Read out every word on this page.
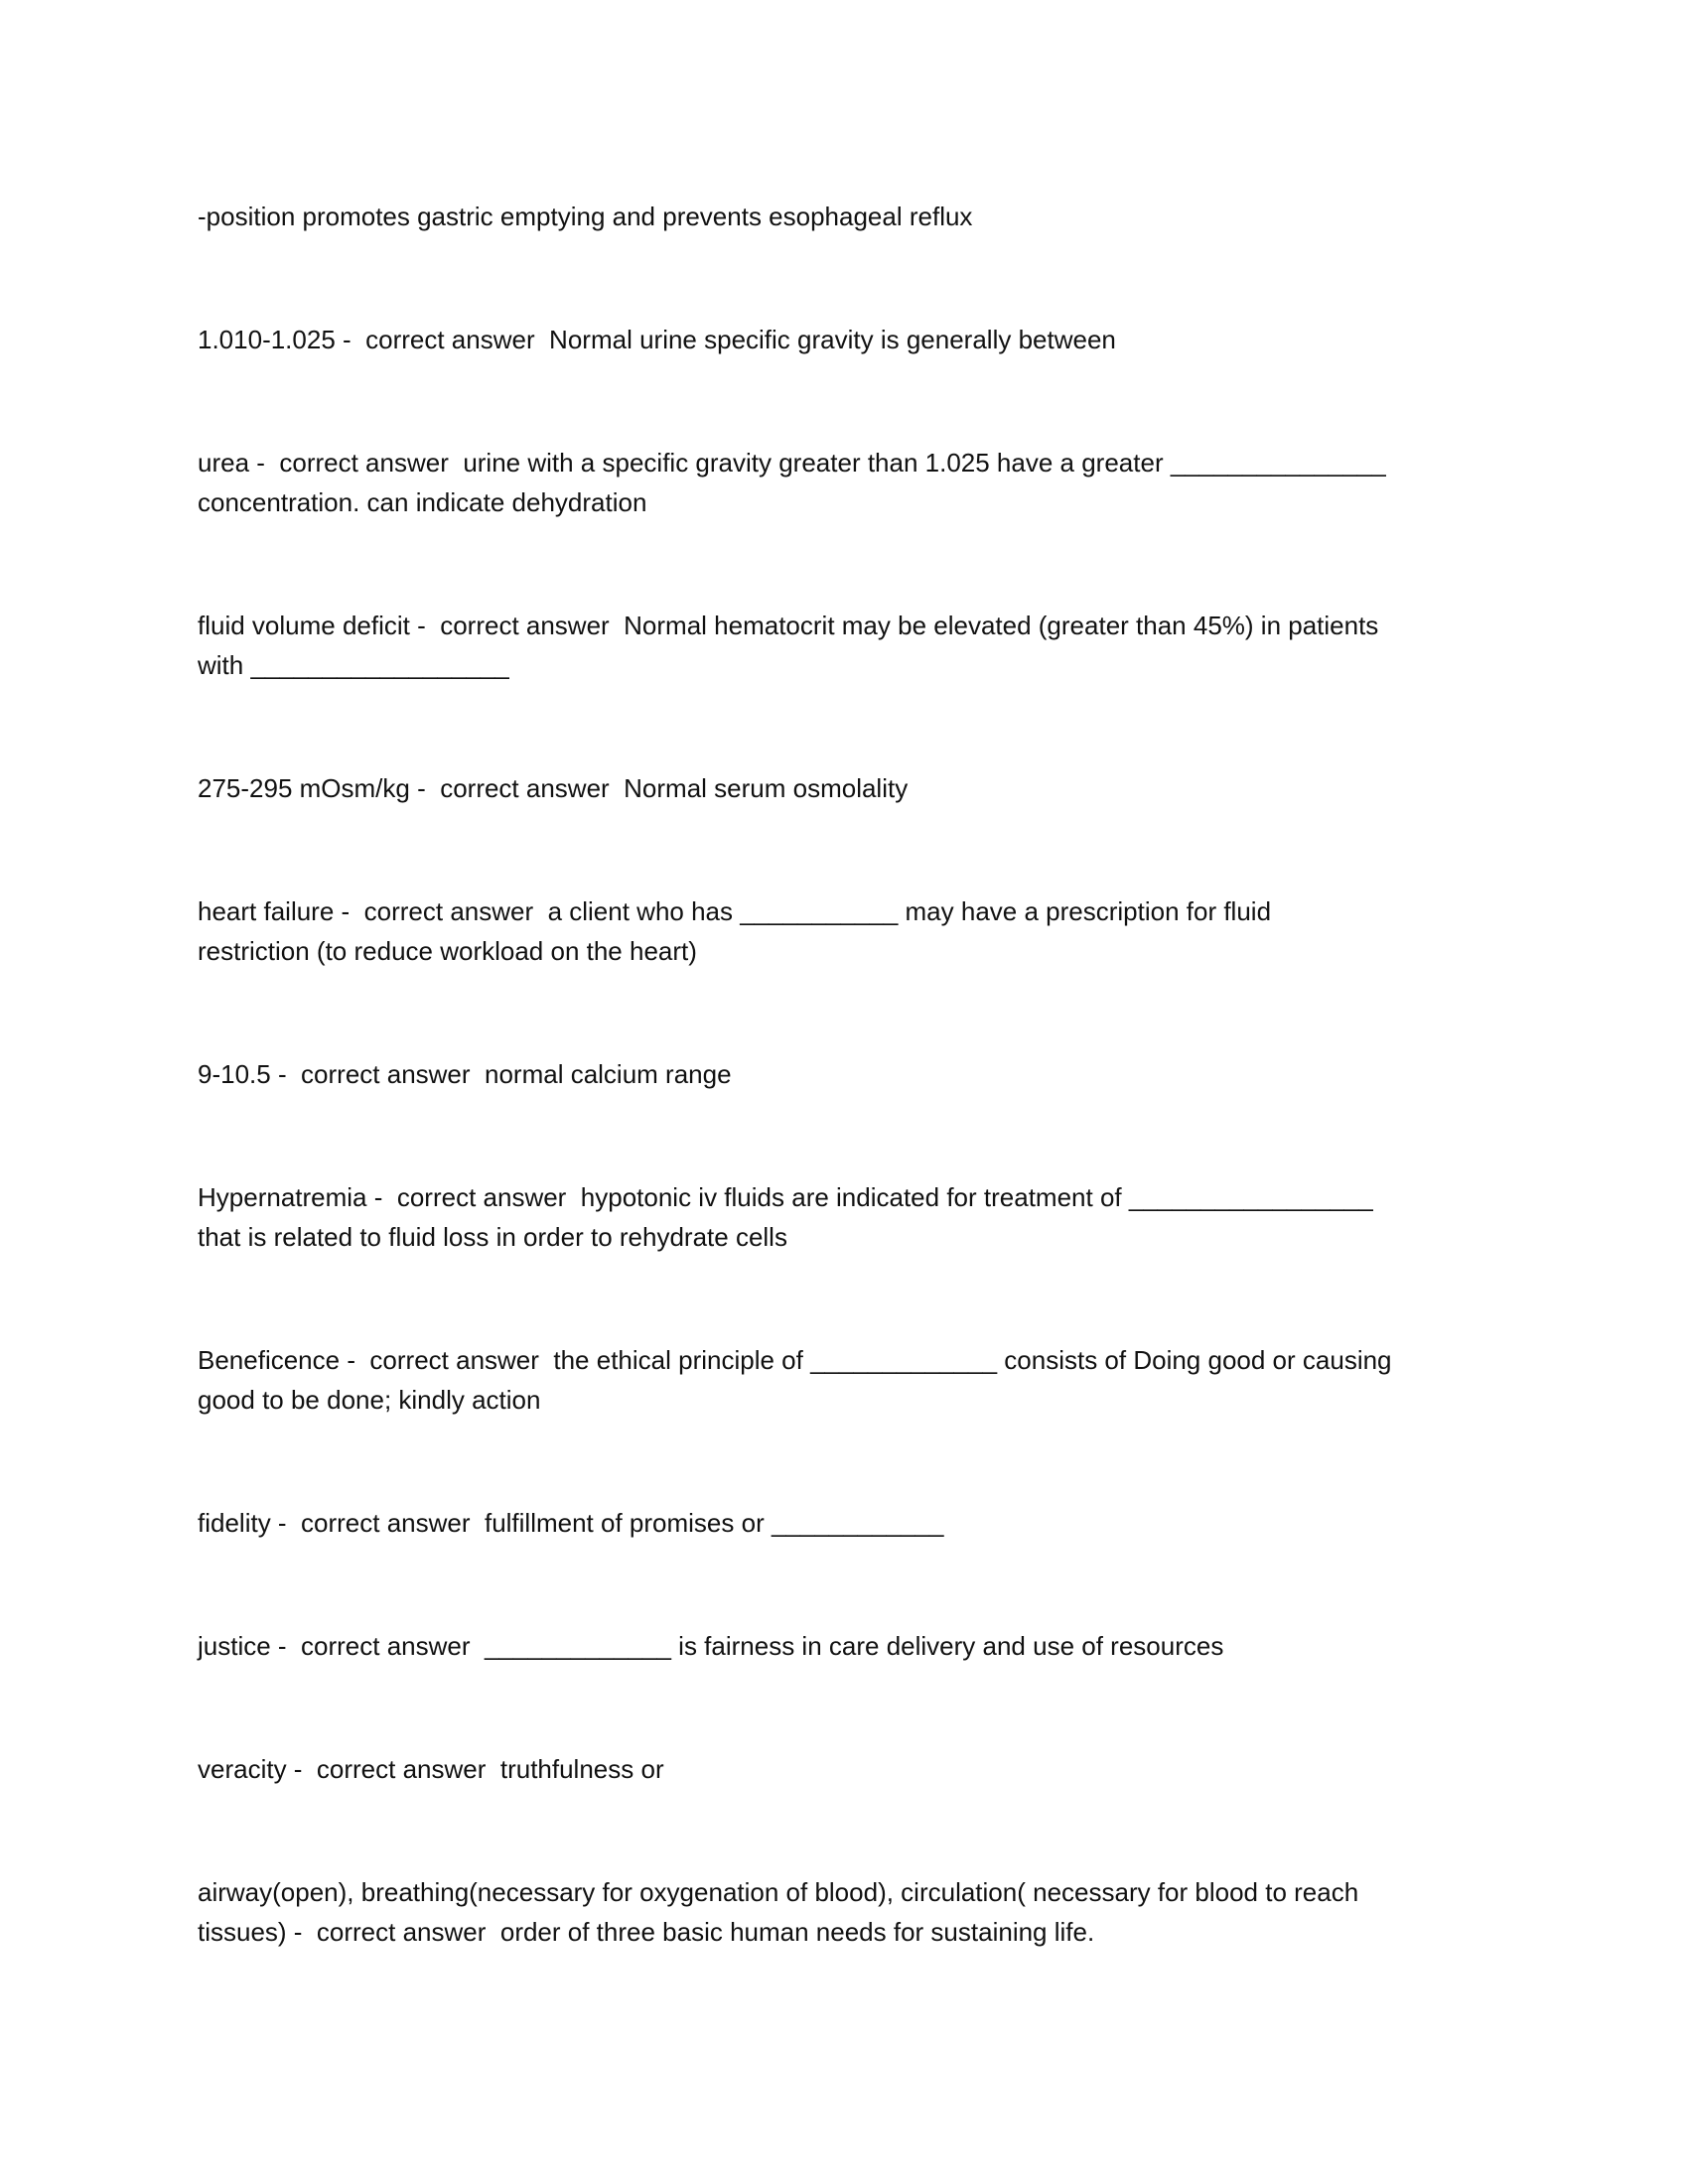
-position promotes gastric emptying and prevents esophageal reflux

1.010-1.025 -  correct answer  Normal urine specific gravity is generally between

urea -  correct answer  urine with a specific gravity greater than 1.025 have a greater _______________
concentration. can indicate dehydration

fluid volume deficit -  correct answer  Normal hematocrit may be elevated (greater than 45%) in patients
with __________________

275-295 mOsm/kg -  correct answer  Normal serum osmolality

heart failure -  correct answer  a client who has ___________ may have a prescription for fluid
restriction (to reduce workload on the heart)

9-10.5 -  correct answer  normal calcium range

Hypernatremia -  correct answer  hypotonic iv fluids are indicated for treatment of _________________
that is related to fluid loss in order to rehydrate cells

Beneficence -  correct answer  the ethical principle of _____________ consists of Doing good or causing
good to be done; kindly action

fidelity -  correct answer  fulfillment of promises or ____________

justice -  correct answer  _____________ is fairness in care delivery and use of resources

veracity -  correct answer  truthfulness or

airway(open), breathing(necessary for oxygenation of blood), circulation( necessary for blood to reach
tissues) -  correct answer  order of three basic human needs for sustaining life.
